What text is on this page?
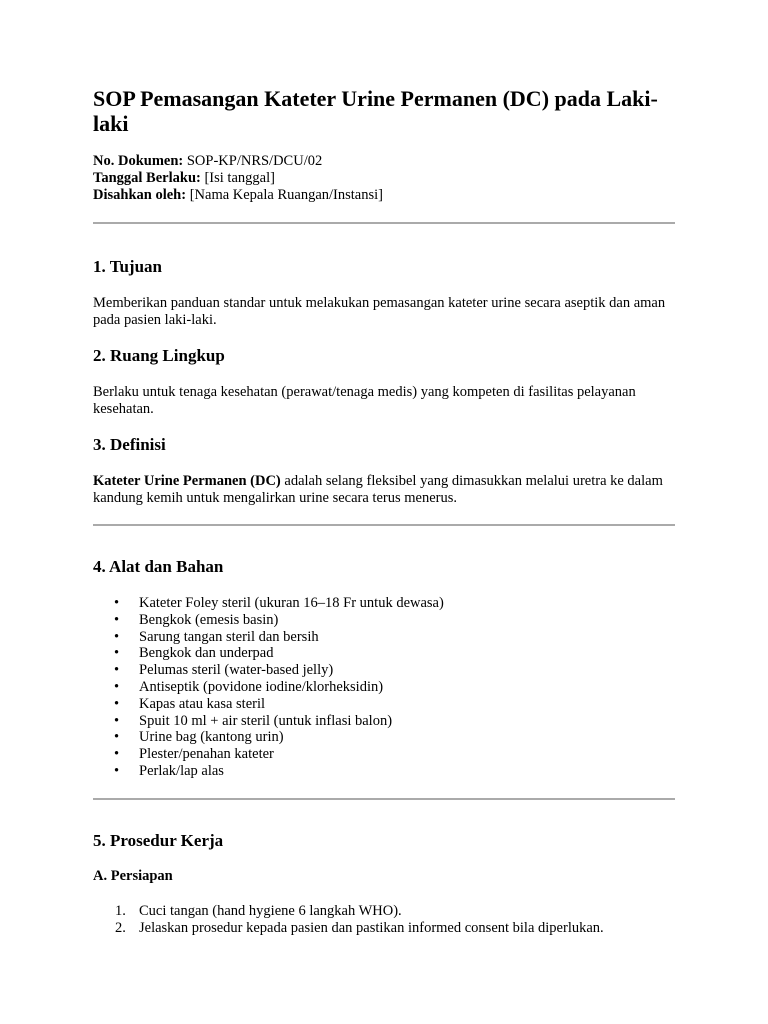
SOP Pemasangan Kateter Urine Permanen (DC) pada Laki-laki
No. Dokumen: SOP-KP/NRS/DCU/02
Tanggal Berlaku: [Isi tanggal]
Disahkan oleh: [Nama Kepala Ruangan/Instansi]
1. Tujuan

Memberikan panduan standar untuk melakukan pemasangan kateter urine secara aseptik dan aman pada pasien laki-laki.

2. Ruang Lingkup

Berlaku untuk tenaga kesehatan (perawat/tenaga medis) yang kompeten di fasilitas pelayanan kesehatan.

3. Definisi

Kateter Urine Permanen (DC) adalah selang fleksibel yang dimasukkan melalui uretra ke dalam kandung kemih untuk mengalirkan urine secara terus menerus.

4. Alat dan Bahan
• Kateter Foley steril (ukuran 16–18 Fr untuk dewasa)
• Bengkok (emesis basin)
• Sarung tangan steril dan bersih
• Bengkok dan underpad
• Pelumas steril (water-based jelly)
• Antiseptik (povidone iodine/klorheksidin)
• Kapas atau kasa steril
• Spuit 10 ml + air steril (untuk inflasi balon)
• Urine bag (kantong urin)
• Plester/penahan kateter
• Perlak/lap alas
5. Prosedur Kerja
A. Persiapan
1. Cuci tangan (hand hygiene 6 langkah WHO).
2. Jelaskan prosedur kepada pasien dan pastikan informed consent bila diperlukan.
